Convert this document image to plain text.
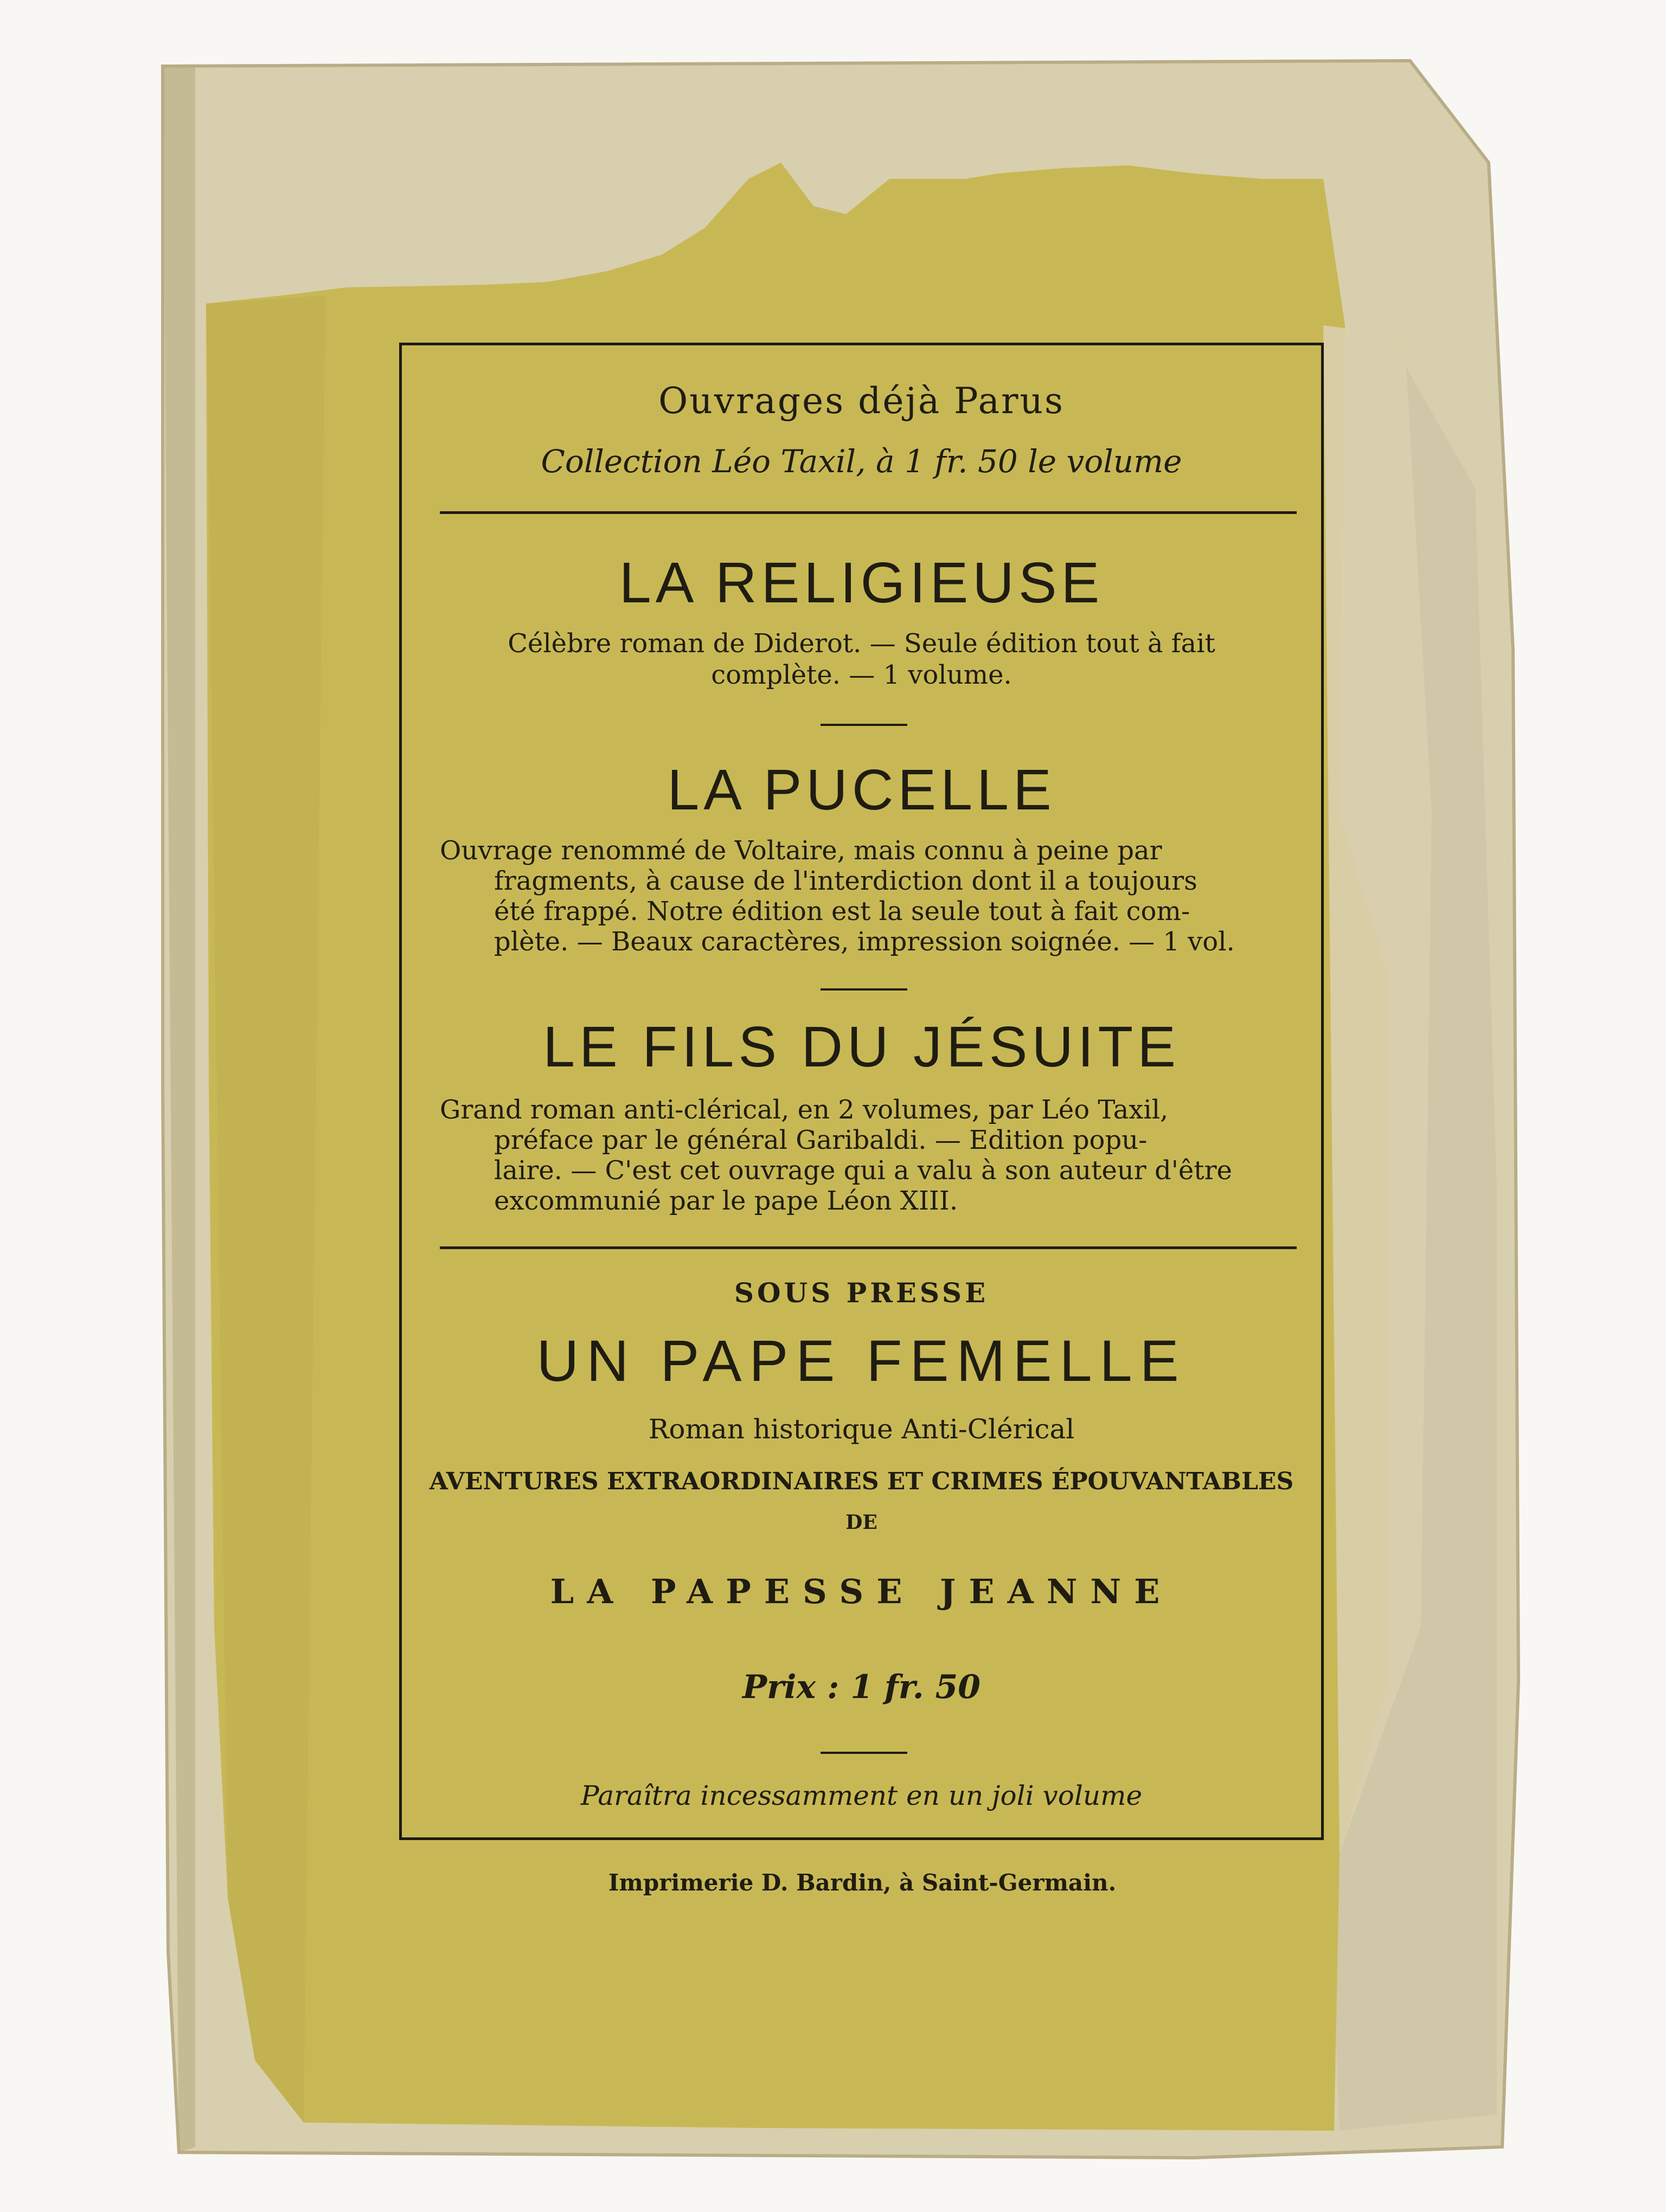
Ouvrages déjà Parus
Collection Léo Taxil, à 1 fr. 50 le volume
LA RELIGIEUSE
Célèbre roman de Diderot. — Seule édition tout à fait
complète. — 1 volume.
LA PUCELLE
Ouvrage renommé de Voltaire, mais connu à peine par
fragments, à cause de l'interdiction dont il a toujours
été frappé. Notre édition est la seule tout à fait com-
plète. — Beaux caractères, impression soignée. — 1 vol.
LE FILS DU JÉSUITE
Grand roman anti-clérical, en 2 volumes, par Léo Taxil,
préface par le général Garibaldi. — Edition popu-
laire. — C'est cet ouvrage qui a valu à son auteur d'être
excommunié par le pape Léon XIII.
SOUS PRESSE
UN PAPE FEMELLE
Roman historique Anti-Clérical
AVENTURES EXTRAORDINAIRES ET CRIMES ÉPOUVANTABLES
DE
LA PAPESSE JEANNE
Prix : 1 fr. 50
Paraîtra incessamment en un joli volume
Imprimerie D. Bardin, à Saint-Germain.
